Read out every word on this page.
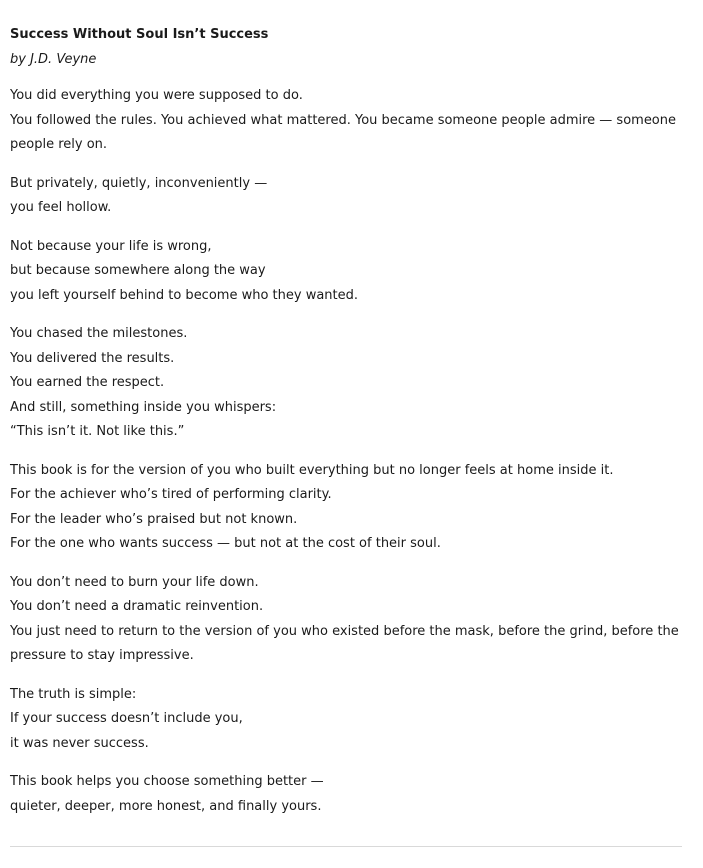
Success Without Soul Isn’t Success

by J.D. Veyne

You did everything you were supposed to do.
You followed the rules. You achieved what mattered. You became someone people admire — someone people rely on.

But privately, quietly, inconveniently —
you feel hollow.

Not because your life is wrong,
but because somewhere along the way
you left yourself behind to become who they wanted.

You chased the milestones.
You delivered the results.
You earned the respect.
And still, something inside you whispers:
“This isn’t it. Not like this.”

This book is for the version of you who built everything but no longer feels at home inside it.
For the achiever who’s tired of performing clarity.
For the leader who’s praised but not known.
For the one who wants success — but not at the cost of their soul.

You don’t need to burn your life down.
You don’t need a dramatic reinvention.
You just need to return to the version of you who existed before the mask, before the grind, before the pressure to stay impressive.

The truth is simple:
If your success doesn’t include you,
it was never success.

This book helps you choose something better —
quieter, deeper, more honest, and finally yours.
